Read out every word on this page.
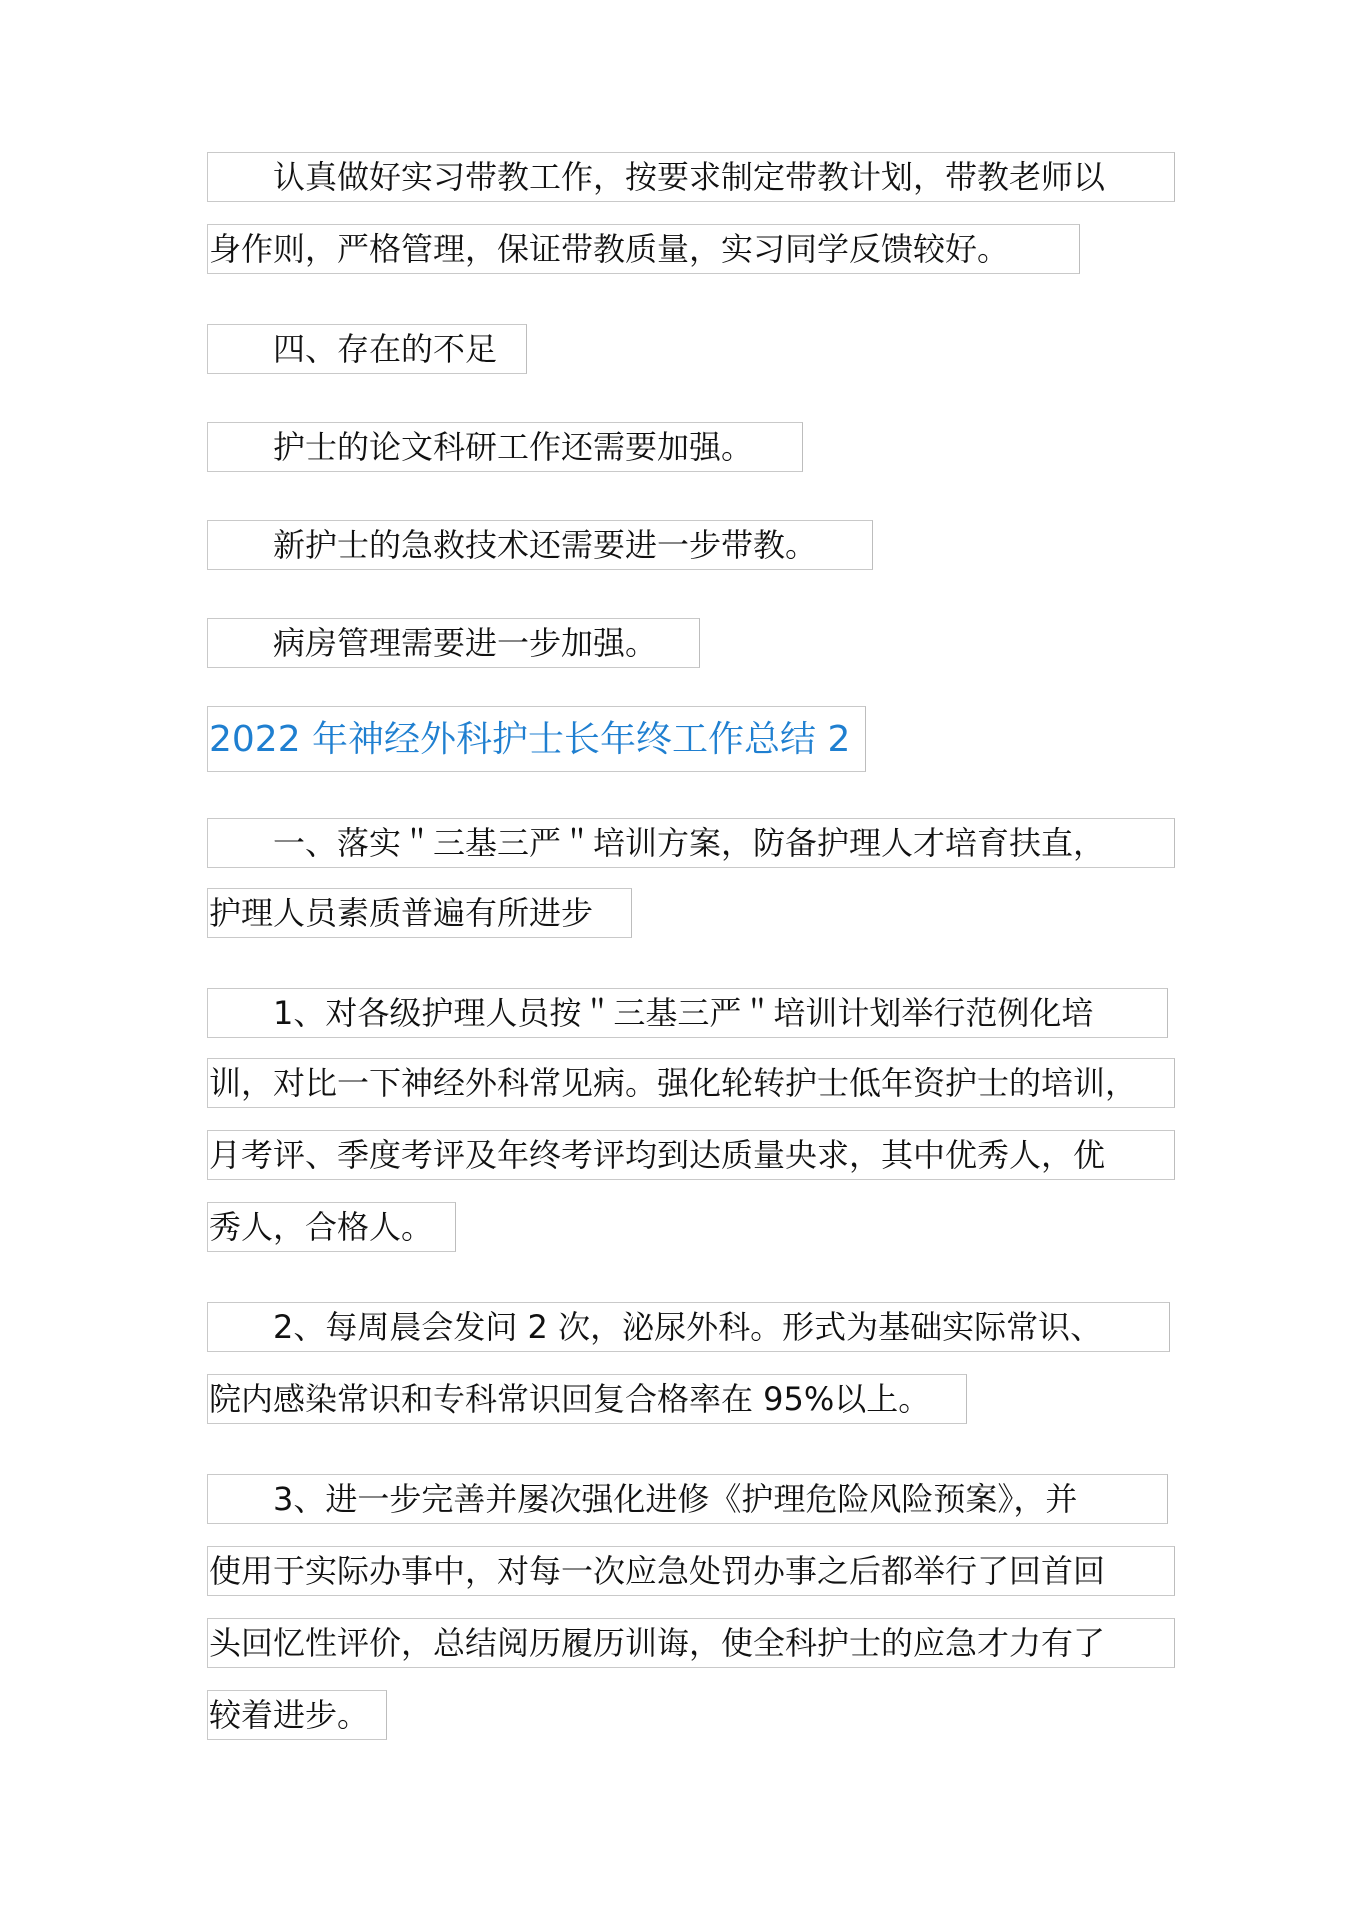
　　认真做好实习带教工作，按要求制定带教计划，带教老师以
身作则，严格管理，保证带教质量，实习同学反馈较好。
　　四、存在的不足
　　护士的论文科研工作还需要加强。
　　新护士的急救技术还需要进一步带教。
　　病房管理需要进一步加强。
2022 年神经外科护士长年终工作总结 2
　　一、落实＂三基三严＂培训方案，防备护理人才培育扶直，
护理人员素质普遍有所进步
　　1、对各级护理人员按＂三基三严＂培训计划举行范例化培
训，对比一下神经外科常见病。强化轮转护士低年资护士的培训，
月考评、季度考评及年终考评均到达质量央求，其中优秀人，优
秀人，合格人。
　　2、每周晨会发问 2 次，泌尿外科。形式为基础实际常识、
院内感染常识和专科常识回复合格率在 95%以上。
　　3、进一步完善并屡次强化进修《护理危险风险预案》，并
使用于实际办事中，对每一次应急处罚办事之后都举行了回首回
头回忆性评价，总结阅历履历训诲，使全科护士的应急才力有了
较着进步。
